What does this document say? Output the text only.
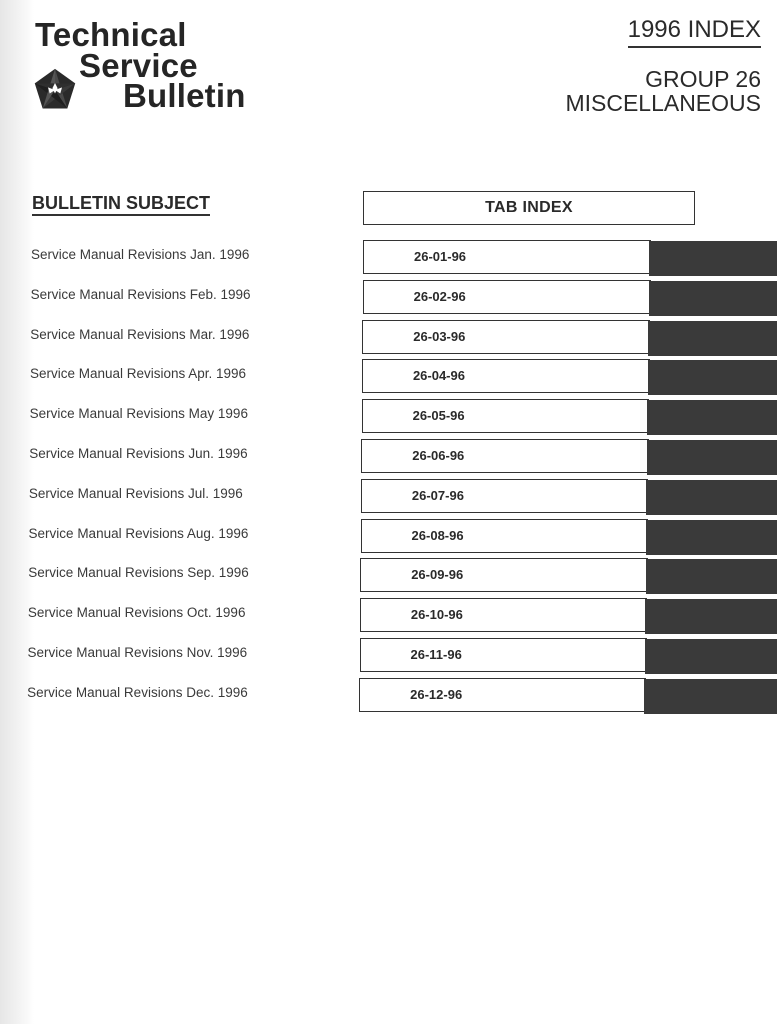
Technical
Service
Bulletin
1996 INDEX
GROUP 26
MISCELLANEOUS
BULLETIN SUBJECT	TAB INDEX
Service Manual Revisions Jan. 1996	26-01-96
Service Manual Revisions Feb. 1996	26-02-96
Service Manual Revisions Mar. 1996	26-03-96
Service Manual Revisions Apr. 1996	26-04-96
Service Manual Revisions May 1996	26-05-96
Service Manual Revisions Jun. 1996	26-06-96
Service Manual Revisions Jul. 1996	26-07-96
Service Manual Revisions Aug. 1996	26-08-96
Service Manual Revisions Sep. 1996	26-09-96
Service Manual Revisions Oct. 1996	26-10-96
Service Manual Revisions Nov. 1996	26-11-96
Service Manual Revisions Dec. 1996	26-12-96
